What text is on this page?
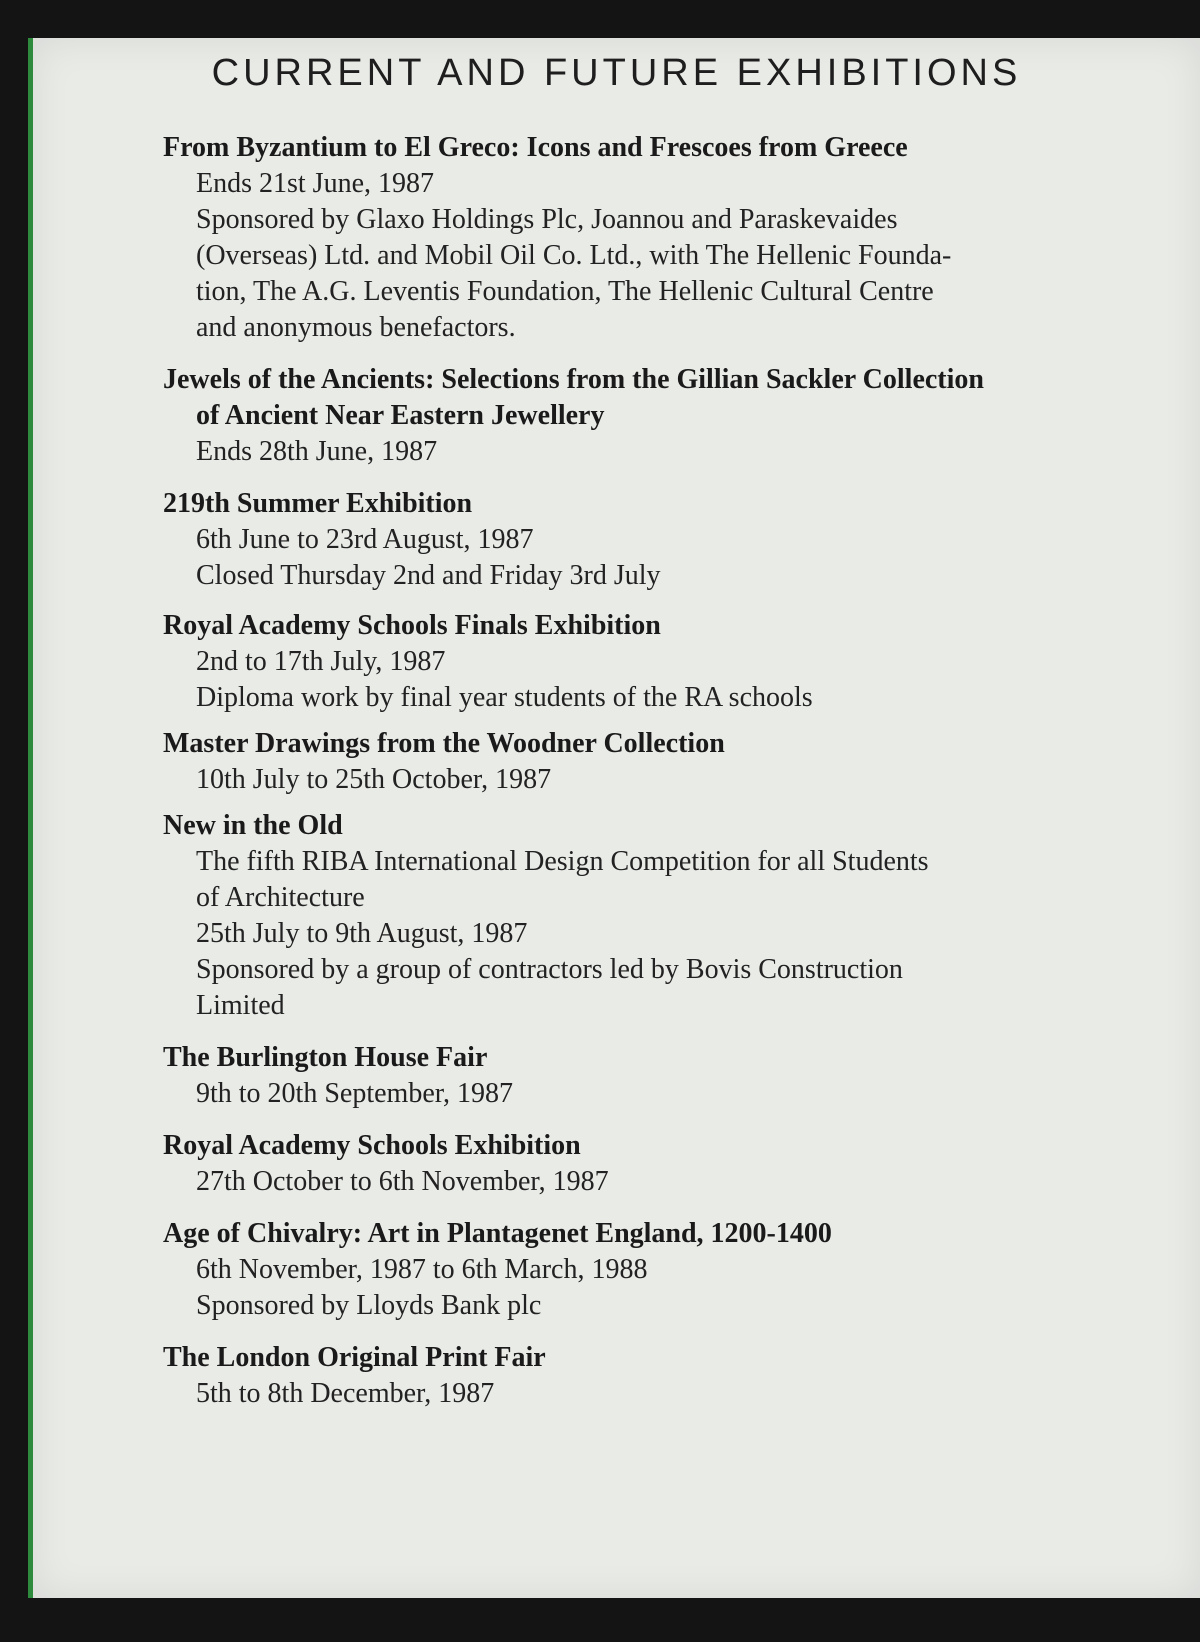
CURRENT AND FUTURE EXHIBITIONS

From Byzantium to El Greco: Icons and Frescoes from Greece

Ends 21st June, 1987

Sponsored by Glaxo Holdings Plc, Joannou and Paraskevaides

(Overseas) Ltd. and Mobil Oil Co. Ltd., with The Hellenic Founda-

tion, The A.G. Leventis Foundation, The Hellenic Cultural Centre

and anonymous benefactors.

Jewels of the Ancients: Selections from the Gillian Sackler Collection
of Ancient Near Eastern Jewellery

Ends 28th June, 1987

219th Summer Exhibition

6th June to 23rd August, 1987

Closed Thursday 2nd and Friday 3rd July

Royal Academy Schools Finals Exhibition

2nd to 17th July, 1987

Diploma work by final year students of the RA schools

Master Drawings from the Woodner Collection

10th July to 25th October, 1987

New in the Old

The fifth RIBA International Design Competition for all Students

of Architecture

25th July to 9th August, 1987

Sponsored by a group of contractors led by Bovis Construction

Limited

The Burlington House Fair

9th to 20th September, 1987

Royal Academy Schools Exhibition

27th October to 6th November, 1987

Age of Chivalry: Art in Plantagenet England, 1200-1400

6th November, 1987 to 6th March, 1988

Sponsored by Lloyds Bank plc

The London Original Print Fair

5th to 8th December, 1987
